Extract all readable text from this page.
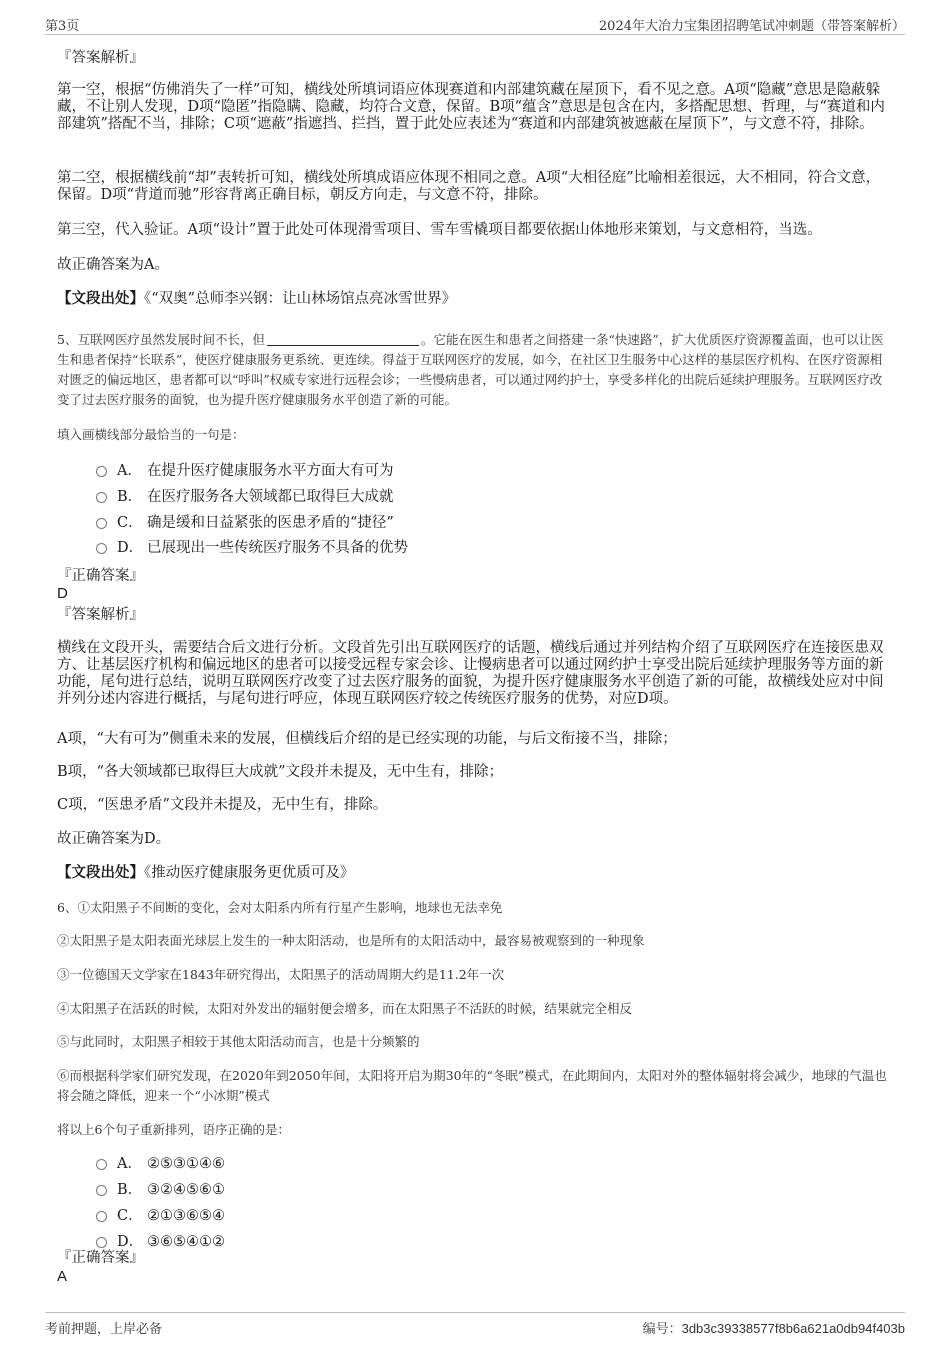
第3页	2024年大冶力宝集团招聘笔试冲刺题（带答案解析）
『答案解析』
第一空，根据“仿佛消失了一样”可知，横线处所填词语应体现赛道和内部建筑藏在屋顶下，看不见之意。A项“隐藏”意思是隐蔽躲藏，不让别人发现，D项“隐匿”指隐瞒、隐藏，均符合文意，保留。B项“蕴含”意思是包含在内，多搭配思想、哲理，与“赛道和内部建筑”搭配不当，排除；C项“遮蔽”指遮挡、拦挡，置于此处应表述为“赛道和内部建筑被遮蔽在屋顶下”，与文意不符，排除。
第二空，根据横线前“却”表转折可知，横线处所填成语应体现不相同之意。A项“大相径庭”比喻相差很远，大不相同，符合文意，保留。D项“背道而驰”形容背离正确目标，朝反方向走，与文意不符，排除。
第三空，代入验证。A项“设计”置于此处可体现滑雪项目、雪车雪橇项目都要依据山体地形来策划，与文意相符，当选。
故正确答案为A。
【文段出处】《“双奥”总师李兴钢：让山林场馆点亮冰雪世界》
5、互联网医疗虽然发展时间不长，但	。它能在医生和患者之间搭建一条“快速路”，扩大优质医疗资源覆盖面，也可以让医生和患者保持“长联系”，使医疗健康服务更系统、更连续。得益于互联网医疗的发展，如今，在社区卫生服务中心这样的基层医疗机构、在医疗资源相对匮乏的偏远地区，患者都可以“呼叫”权威专家进行远程会诊；一些慢病患者，可以通过网约护士，享受多样化的出院后延续护理服务。互联网医疗改变了过去医疗服务的面貌，也为提升医疗健康服务水平创造了新的可能。
填入画横线部分最恰当的一句是：
A． 在提升医疗健康服务水平方面大有可为
B． 在医疗服务各大领域都已取得巨大成就
C． 确是缓和日益紧张的医患矛盾的“捷径”
D． 已展现出一些传统医疗服务不具备的优势
『正确答案』
D
『答案解析』
横线在文段开头，需要结合后文进行分析。文段首先引出互联网医疗的话题，横线后通过并列结构介绍了互联网医疗在连接医患双方、让基层医疗机构和偏远地区的患者可以接受远程专家会诊、让慢病患者可以通过网约护士享受出院后延续护理服务等方面的新功能，尾句进行总结，说明互联网医疗改变了过去医疗服务的面貌，为提升医疗健康服务水平创造了新的可能，故横线处应对中间并列分述内容进行概括，与尾句进行呼应，体现互联网医疗较之传统医疗服务的优势，对应D项。
A项，“大有可为”侧重未来的发展，但横线后介绍的是已经实现的功能，与后文衔接不当，排除；
B项，“各大领域都已取得巨大成就”文段并未提及，无中生有，排除；
C项，“医患矛盾”文段并未提及，无中生有，排除。
故正确答案为D。
【文段出处】《推动医疗健康服务更优质可及》
6、①太阳黑子不间断的变化，会对太阳系内所有行星产生影响，地球也无法幸免
②太阳黑子是太阳表面光球层上发生的一种太阳活动，也是所有的太阳活动中，最容易被观察到的一种现象
③一位德国天文学家在1843年研究得出，太阳黑子的活动周期大约是11.2年一次
④太阳黑子在活跃的时候，太阳对外发出的辐射便会增多，而在太阳黑子不活跃的时候，结果就完全相反
⑤与此同时，太阳黑子相较于其他太阳活动而言，也是十分频繁的
⑥而根据科学家们研究发现，在2020年到2050年间，太阳将开启为期30年的“冬眠”模式，在此期间内，太阳对外的整体辐射将会减少，地球的气温也将会随之降低，迎来一个“小冰期”模式
将以上6个句子重新排列，语序正确的是：
A． ②⑤③①④⑥
B． ③②④⑤⑥①
C． ②①③⑥⑤④
D． ③⑥⑤④①②
『正确答案』
A
考前押题，上岸必备	编号：3db3c39338577f8b6a621a0db94f403b
